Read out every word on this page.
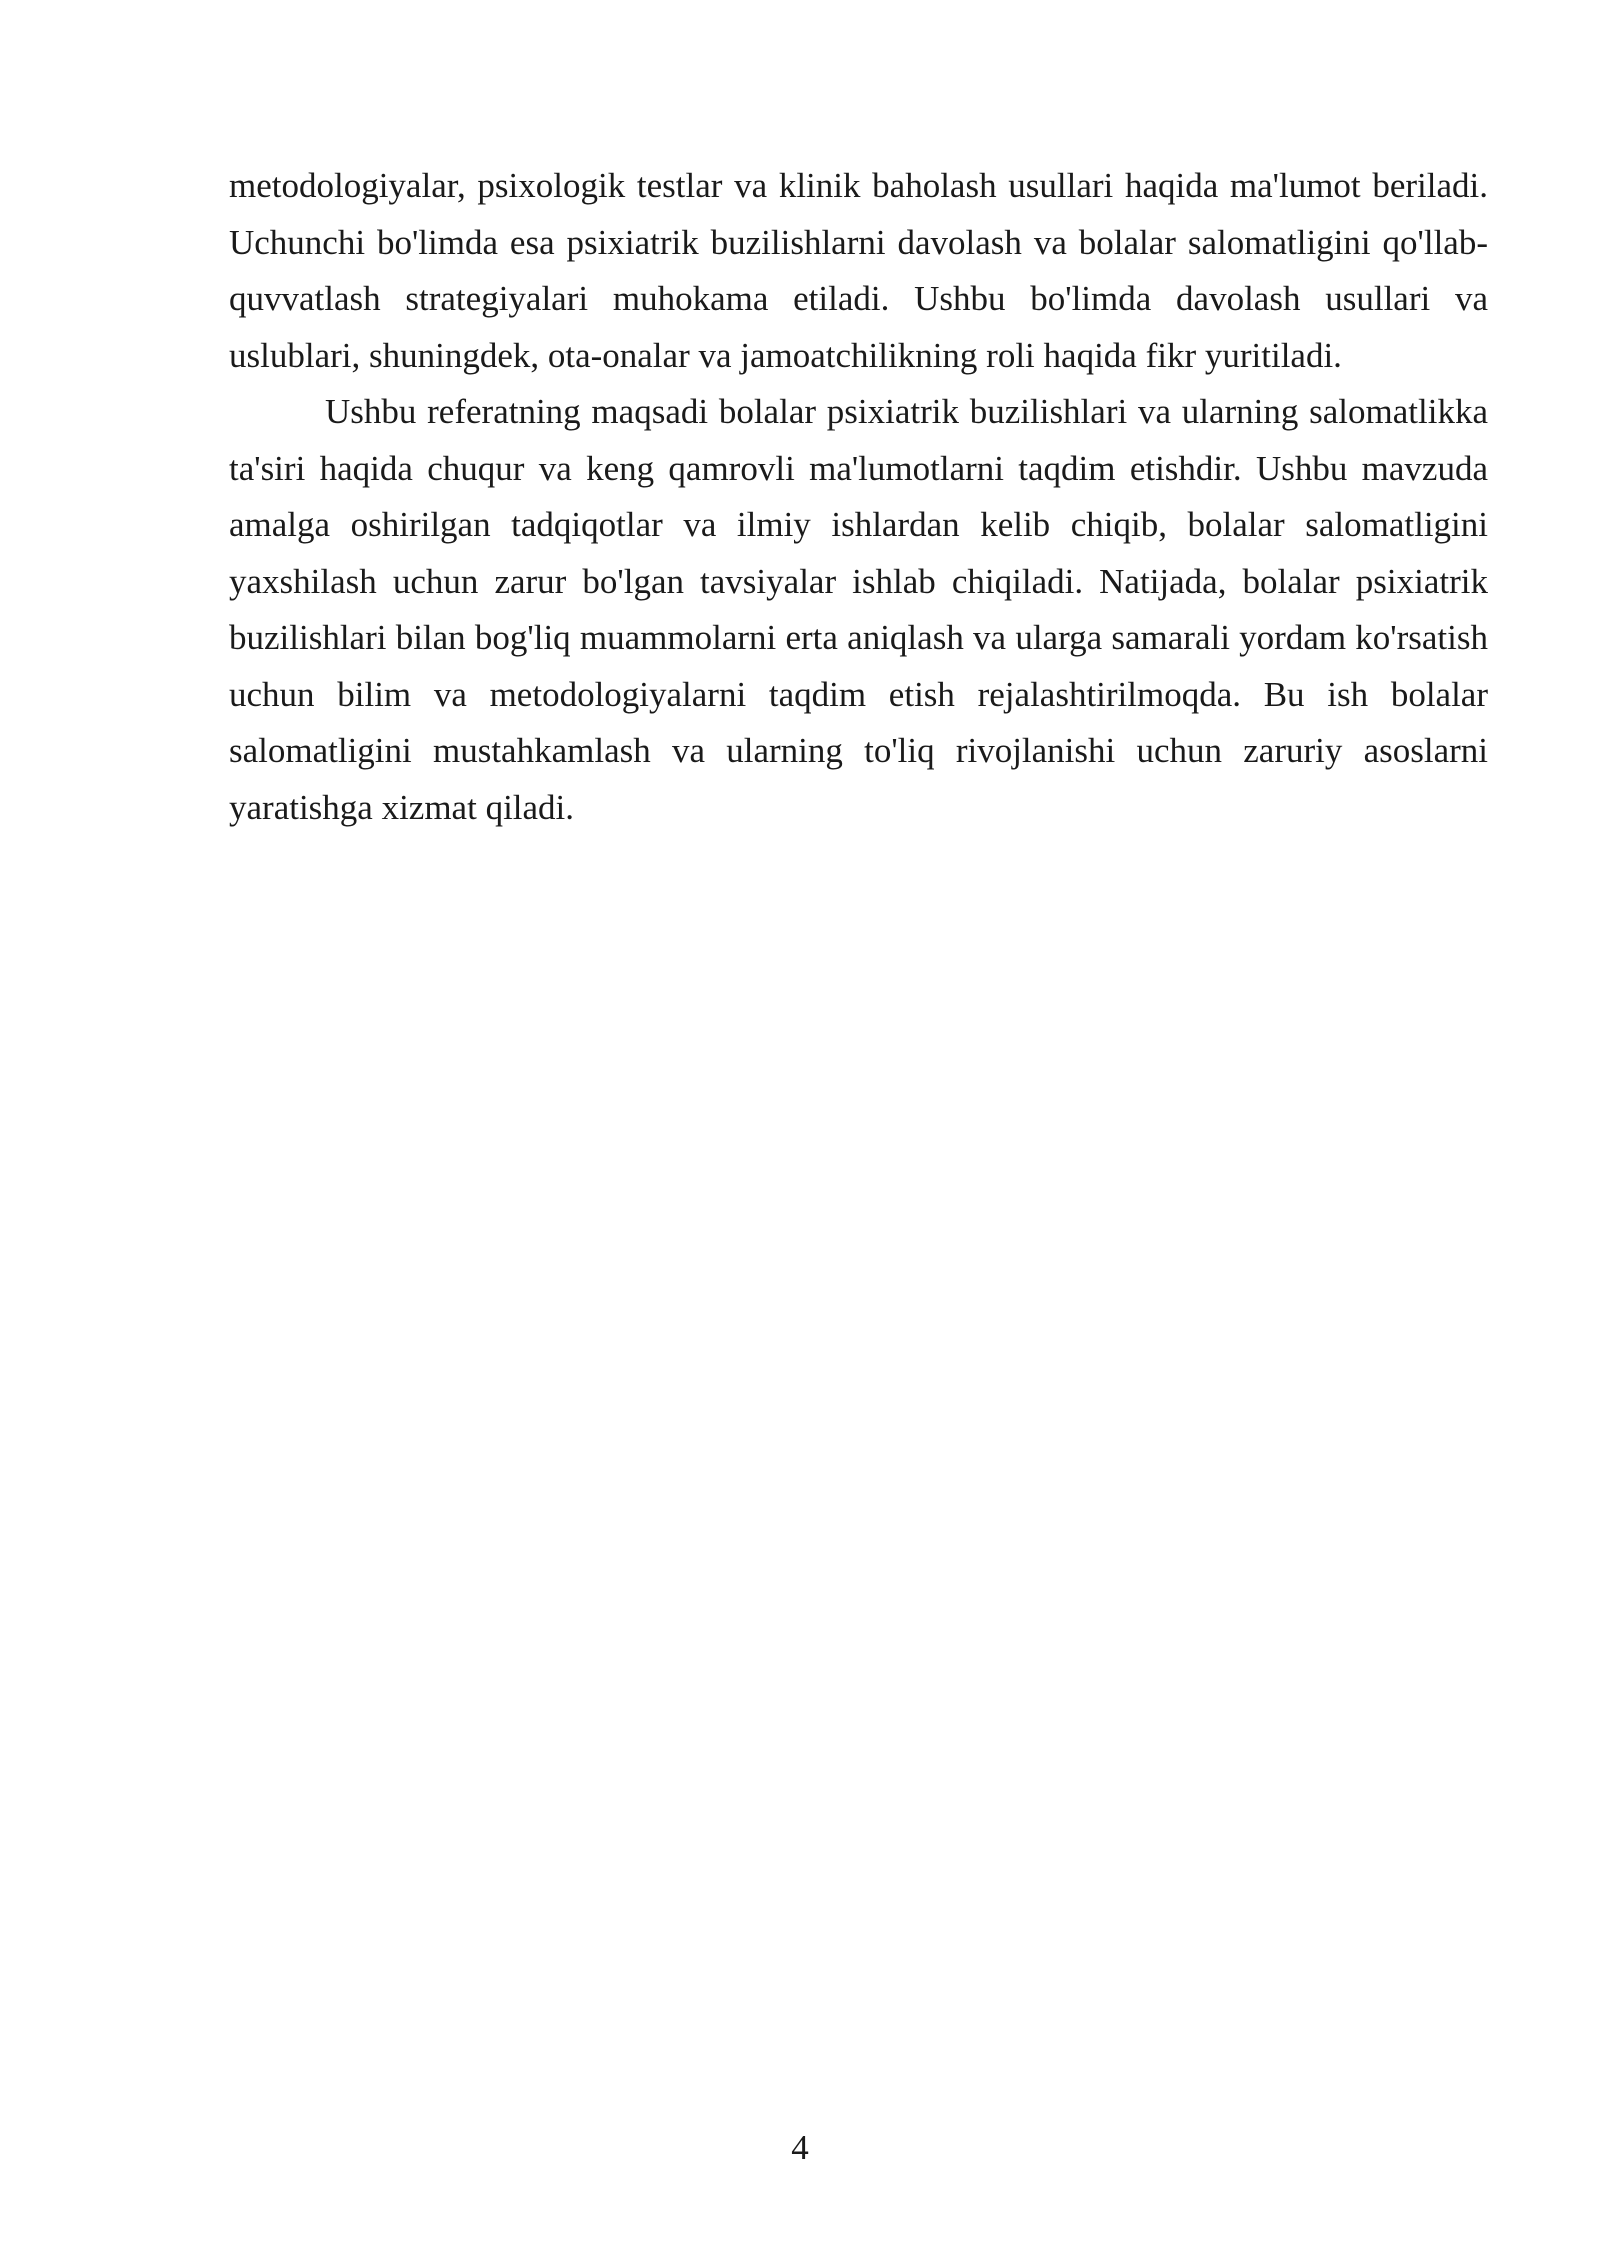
metodologiyalar, psixologik testlar va klinik baholash usullari haqida ma'lumot beriladi. Uchunchi bo'limda esa psixiatrik buzilishlarni davolash va bolalar salomatligini qo'llab-quvvatlash strategiyalari muhokama etiladi. Ushbu bo'limda davolash usullari va uslublari, shuningdek, ota-onalar va jamoatchilikning roli haqida fikr yuritiladi.

Ushbu referatning maqsadi bolalar psixiatrik buzilishlari va ularning salomatlikka ta'siri haqida chuqur va keng qamrovli ma'lumotlarni taqdim etishdir. Ushbu mavzuda amalga oshirilgan tadqiqotlar va ilmiy ishlardan kelib chiqib, bolalar salomatligini yaxshilash uchun zarur bo'lgan tavsiyalar ishlab chiqiladi. Natijada, bolalar psixiatrik buzilishlari bilan bog'liq muammolarni erta aniqlash va ularga samarali yordam ko'rsatish uchun bilim va metodologiyalarni taqdim etish rejalashtirilmoqda. Bu ish bolalar salomatligini mustahkamlash va ularning to'liq rivojlanishi uchun zaruriy asoslarni yaratishga xizmat qiladi.

4
